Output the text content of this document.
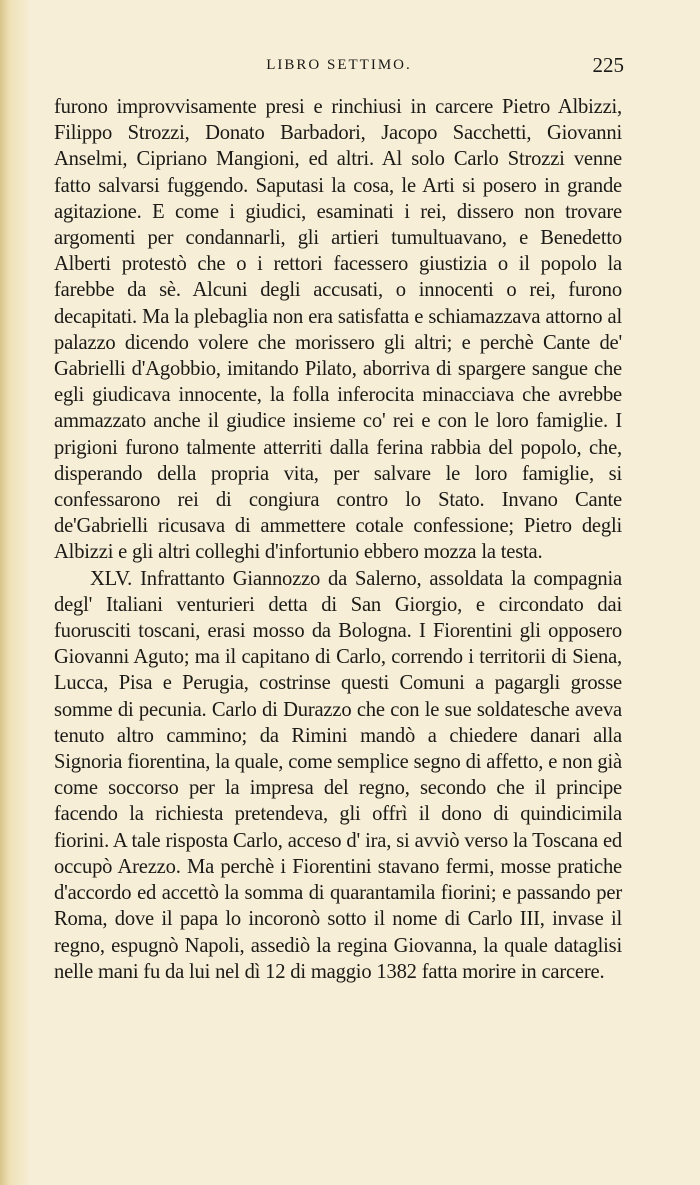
LIBRO SETTIMO.	225

furono improvvisamente presi e rinchiusi in carcere Pietro Albizzi, Filippo Strozzi, Donato Barbadori, Jacopo Sacchetti, Giovanni Anselmi, Cipriano Mangioni, ed altri. Al solo Carlo Strozzi venne fatto salvarsi fuggendo. Saputasi la cosa, le Arti si posero in grande agitazione. E come i giudici, esaminati i rei, dissero non trovare argomenti per condannarli, gli artieri tumultuavano, e Benedetto Alberti protestò che o i rettori facessero giustizia o il popolo la farebbe da sè. Alcuni degli accusati, o innocenti o rei, furono decapitati. Ma la plebaglia non era satisfatta e schiamazzava attorno al palazzo dicendo volere che morissero gli altri; e perchè Cante de' Gabrielli d'Agobbio, imitando Pilato, aborriva di spargere sangue che egli giudicava innocente, la folla inferocita minacciava che avrebbe ammazzato anche il giudice insieme co' rei e con le loro famiglie. I prigioni furono talmente atterriti dalla ferina rabbia del popolo, che, disperando della propria vita, per salvare le loro famiglie, si confessarono rei di congiura contro lo Stato. Invano Cante de'Gabrielli ricusava di ammettere cotale confessione; Pietro degli Albizzi e gli altri colleghi d'infortunio ebbero mozza la testa.

XLV. Infrattanto Giannozzo da Salerno, assoldata la compagnia degl' Italiani venturieri detta di San Giorgio, e circondato dai fuorusciti toscani, erasi mosso da Bologna. I Fiorentini gli opposero Giovanni Aguto; ma il capitano di Carlo, correndo i territorii di Siena, Lucca, Pisa e Perugia, costrinse questi Comuni a pagargli grosse somme di pecunia. Carlo di Durazzo che con le sue soldatesche aveva tenuto altro cammino; da Rimini mandò a chiedere danari alla Signoria fiorentina, la quale, come semplice segno di affetto, e non già come soccorso per la impresa del regno, secondo che il principe facendo la richiesta pretendeva, gli offrì il dono di quindicimila fiorini. A tale risposta Carlo, acceso d' ira, si avviò verso la Toscana ed occupò Arezzo. Ma perchè i Fiorentini stavano fermi, mosse pratiche d'accordo ed accettò la somma di quarantamila fiorini; e passando per Roma, dove il papa lo incoronò sotto il nome di Carlo III, invase il regno, espugnò Napoli, assediò la regina Giovanna, la quale dataglisi nelle mani fu da lui nel dì 12 di maggio 1382 fatta morire in carcere.
